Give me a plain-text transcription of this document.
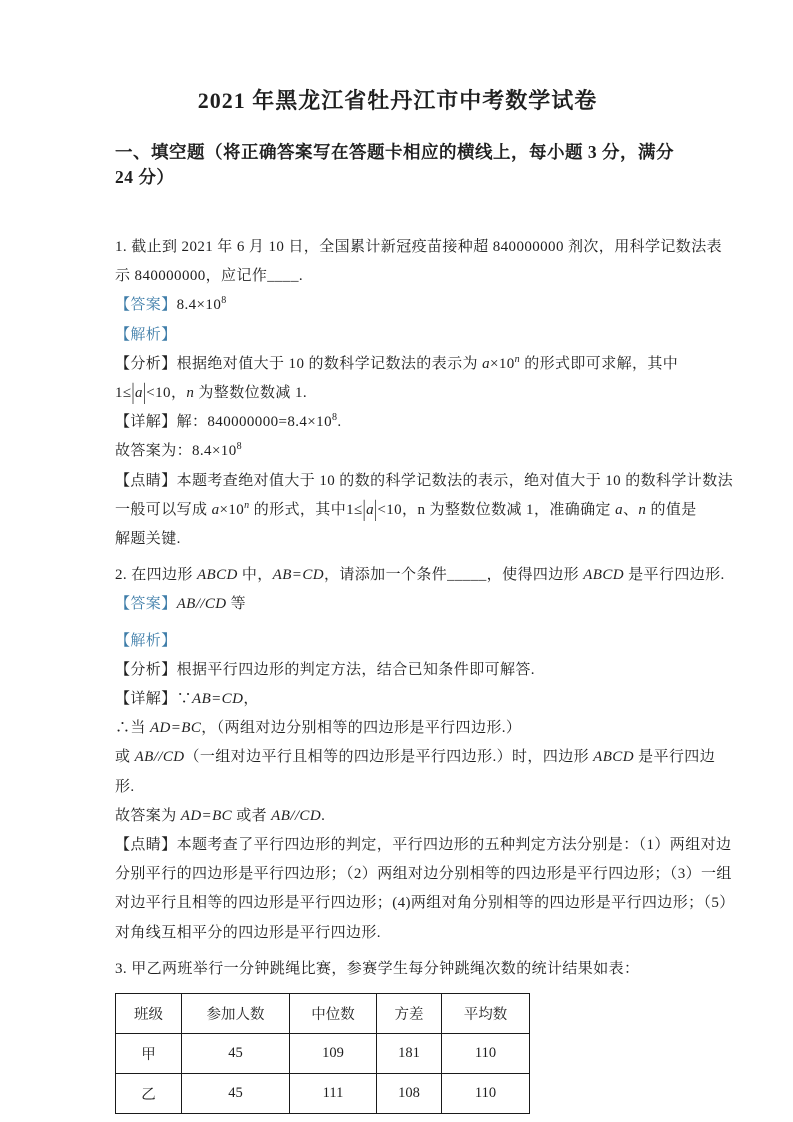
2021 年黑龙江省牡丹江市中考数学试卷
一、填空题（将正确答案写在答题卡相应的横线上，每小题 3 分，满分 24 分）

1. 截止到 2021 年 6 月 10 日，全国累计新冠疫苗接种超 840000000 剂次，用科学记数法表

示 840000000，应记作____.

【答案】$8.4\times 10^8$

【解析】

【分析】根据绝对值大于 10 的数科学记数法的表示为 $a\times 10^n$ 的形式即可求解，其中

1≤|a|<10，n 为整数位数减 1.

【详解】解：$840000000=8.4\times 10^8$.

故答案为：$8.4\times 10^8$

【点睛】本题考查绝对值大于 10 的数的科学记数法的表示，绝对值大于 10 的数科学计数法

一般可以写成 $a\times 10^n$ 的形式，其中1≤|a|<10，n 为整数位数减 1，准确确定 a、n 的值是

解题关键.

2. 在四边形 ABCD 中，AB=CD，请添加一个条件_____，使得四边形 ABCD 是平行四边形.

【答案】AB//CD 等

【解析】

【分析】根据平行四边形的判定方法，结合已知条件即可解答.

【详解】∵AB=CD，

∴当 AD=BC，（两组对边分别相等的四边形是平行四边形.）

或 AB//CD（一组对边平行且相等的四边形是平行四边形.）时，四边形 ABCD 是平行四边

形.

故答案为 AD=BC 或者 AB//CD.

【点睛】本题考查了平行四边形的判定，平行四边形的五种判定方法分别是：（1）两组对边

分别平行的四边形是平行四边形；（2）两组对边分别相等的四边形是平行四边形；（3）一组

对边平行且相等的四边形是平行四边形；(4)两组对角分别相等的四边形是平行四边形；（5）

对角线互相平分的四边形是平行四边形.

3. 甲乙两班举行一分钟跳绳比赛，参赛学生每分钟跳绳次数的统计结果如表：

班级	参加人数	中位数	方差	平均数
甲	45	109	181	110
乙	45	111	108	110
